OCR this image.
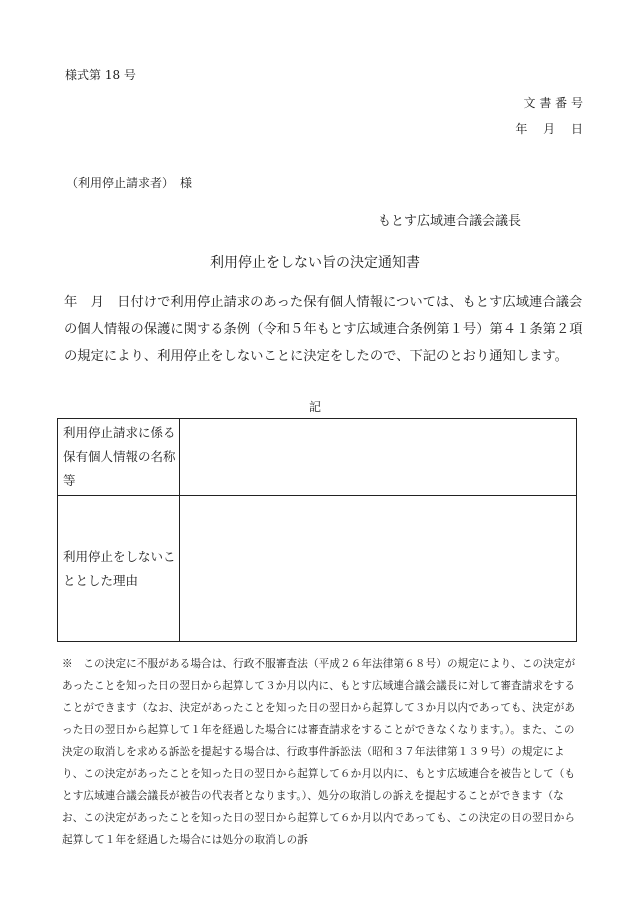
様式第 18 号
文 書 番 号
年　 月　 日
（利用停止請求者）　様
もとす広域連合議会議長
利用停止をしない旨の決定通知書

年　月　日付けで利用停止請求のあった保有個人情報については、もとす広域連合議会の個人情報の保護に関する条例（令和５年もとす広域連合条例第１号）第４１条第２項の規定により、利用停止をしないことに決定をしたので、下記のとおり通知します。

記
利用停止請求に係る保有個人情報の名称等	
利用停止をしないこととした理由	

※　この決定に不服がある場合は、行政不服審査法（平成２６年法律第６８号）の規定により、この決定があったことを知った日の翌日から起算して３か月以内に、もとす広域連合議会議長に対して審査請求をすることができます（なお、決定があったことを知った日の翌日から起算して３か月以内であっても、決定があった日の翌日から起算して１年を経過した場合には審査請求をすることができなくなります。）。また、この決定の取消しを求める訴訟を提起する場合は、行政事件訴訟法（昭和３７年法律第１３９号）の規定により、この決定があったことを知った日の翌日から起算して６か月以内に、もとす広域連合を被告として（もとす広域連合議会議長が被告の代表者となります。）、処分の取消しの訴えを提起することができます（なお、この決定があったことを知った日の翌日から起算して６か月以内であっても、この決定の日の翌日から起算して１年を経過した場合には処分の取消しの訴
